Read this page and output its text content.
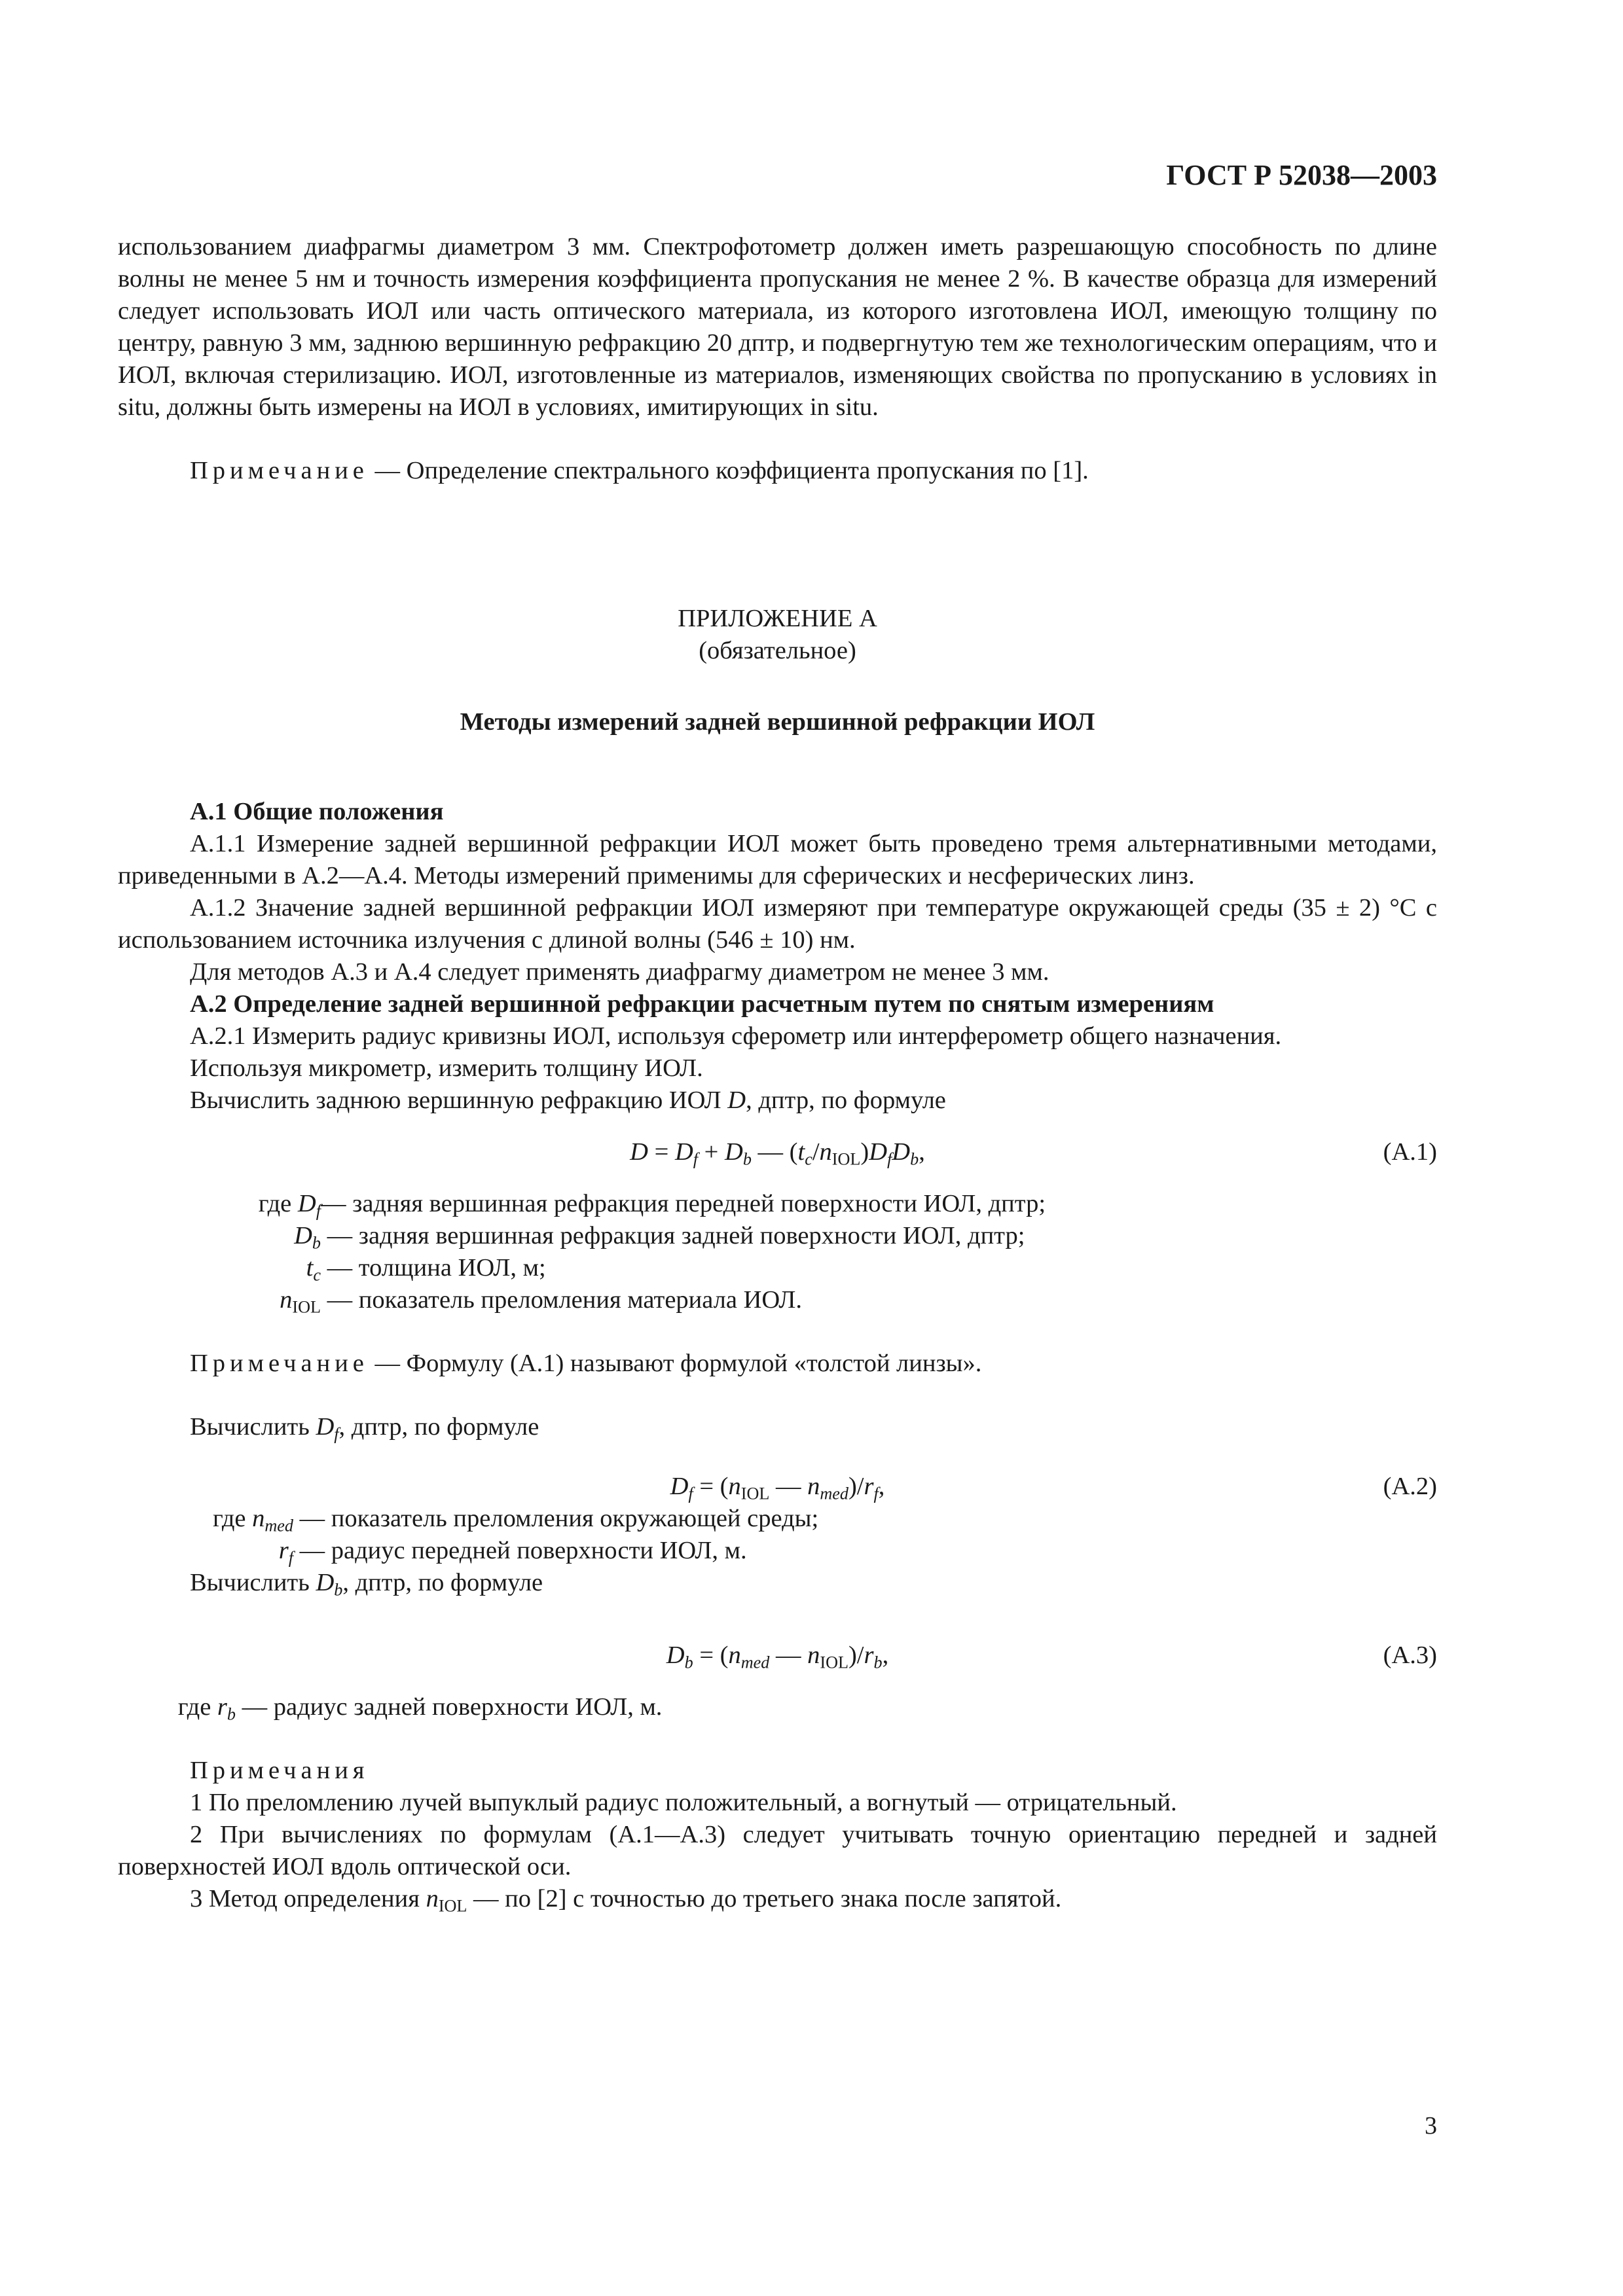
ГОСТ Р 52038—2003

использованием диафрагмы диаметром 3 мм. Спектрофотометр должен иметь разрешающую способность по длине волны не менее 5 нм и точность измерения коэффициента пропускания не менее 2 %. В качестве образца для измерений следует использовать ИОЛ или часть оптического материала, из которого изготовлена ИОЛ, имеющую толщину по центру, равную 3 мм, заднюю вершинную рефракцию 20 дптр, и подвергнутую тем же технологическим операциям, что и ИОЛ, включая стерилизацию. ИОЛ, изготовленные из материалов, изменяющих свойства по пропусканию в условиях in situ, должны быть измерены на ИОЛ в условиях, имитирующих in situ.

Примечание — Определение спектрального коэффициента пропускания по [1].

ПРИЛОЖЕНИЕ А

(обязательное)

Методы измерений задней вершинной рефракции ИОЛ

А.1 Общие положения

А.1.1 Измерение задней вершинной рефракции ИОЛ может быть проведено тремя альтернативными методами, приведенными в А.2—А.4. Методы измерений применимы для сферических и несферических линз.

А.1.2 Значение задней вершинной рефракции ИОЛ измеряют при температуре окружающей среды (35 ± 2) °С с использованием источника излучения с длиной волны (546 ± 10) нм.

Для методов А.3 и А.4 следует применять диафрагму диаметром не менее 3 мм.

А.2 Определение задней вершинной рефракции расчетным путем по снятым измерениям

А.2.1 Измерить радиус кривизны ИОЛ, используя сферометр или интерферометр общего назначения.

Используя микрометр, измерить толщину ИОЛ.

Вычислить заднюю вершинную рефракцию ИОЛ D, дптр, по формуле

$D = D_f + D_b$ — $(t_c/n_{IOL})D_fD_b$,	(А.1)
где $D_f—$ задняя вершинная рефракция передней поверхности ИОЛ, дптр;
$D_b$ — задняя вершинная рефракция задней поверхности ИОЛ, дптр;
$t_c$ — толщина ИОЛ, м;
$n_{IOL}$ — показатель преломления материала ИОЛ.

Примечание — Формулу (А.1) называют формулой «толстой линзы».

Вычислить $D_f$, дптр, по формуле

$D_f = (n_{IOL}$ — $n_{med})/r_f$,	(А.2)
где $n_{med}$ — показатель преломления окружающей среды;
$r_f$ — радиус передней поверхности ИОЛ, м.

Вычислить $D_b$, дптр, по формуле

$D_b = (n_{med}$ — $n_{IOL})/r_b$,	(А.3)
где $r_b$ — радиус задней поверхности ИОЛ, м.

Примечания

1 По преломлению лучей выпуклый радиус положительный, а вогнутый — отрицательный.

2 При вычислениях по формулам (А.1—А.3) следует учитывать точную ориентацию передней и задней поверхностей ИОЛ вдоль оптической оси.

3 Метод определения $n_{IOL}$ — по [2] с точностью до третьего знака после запятой.

3
